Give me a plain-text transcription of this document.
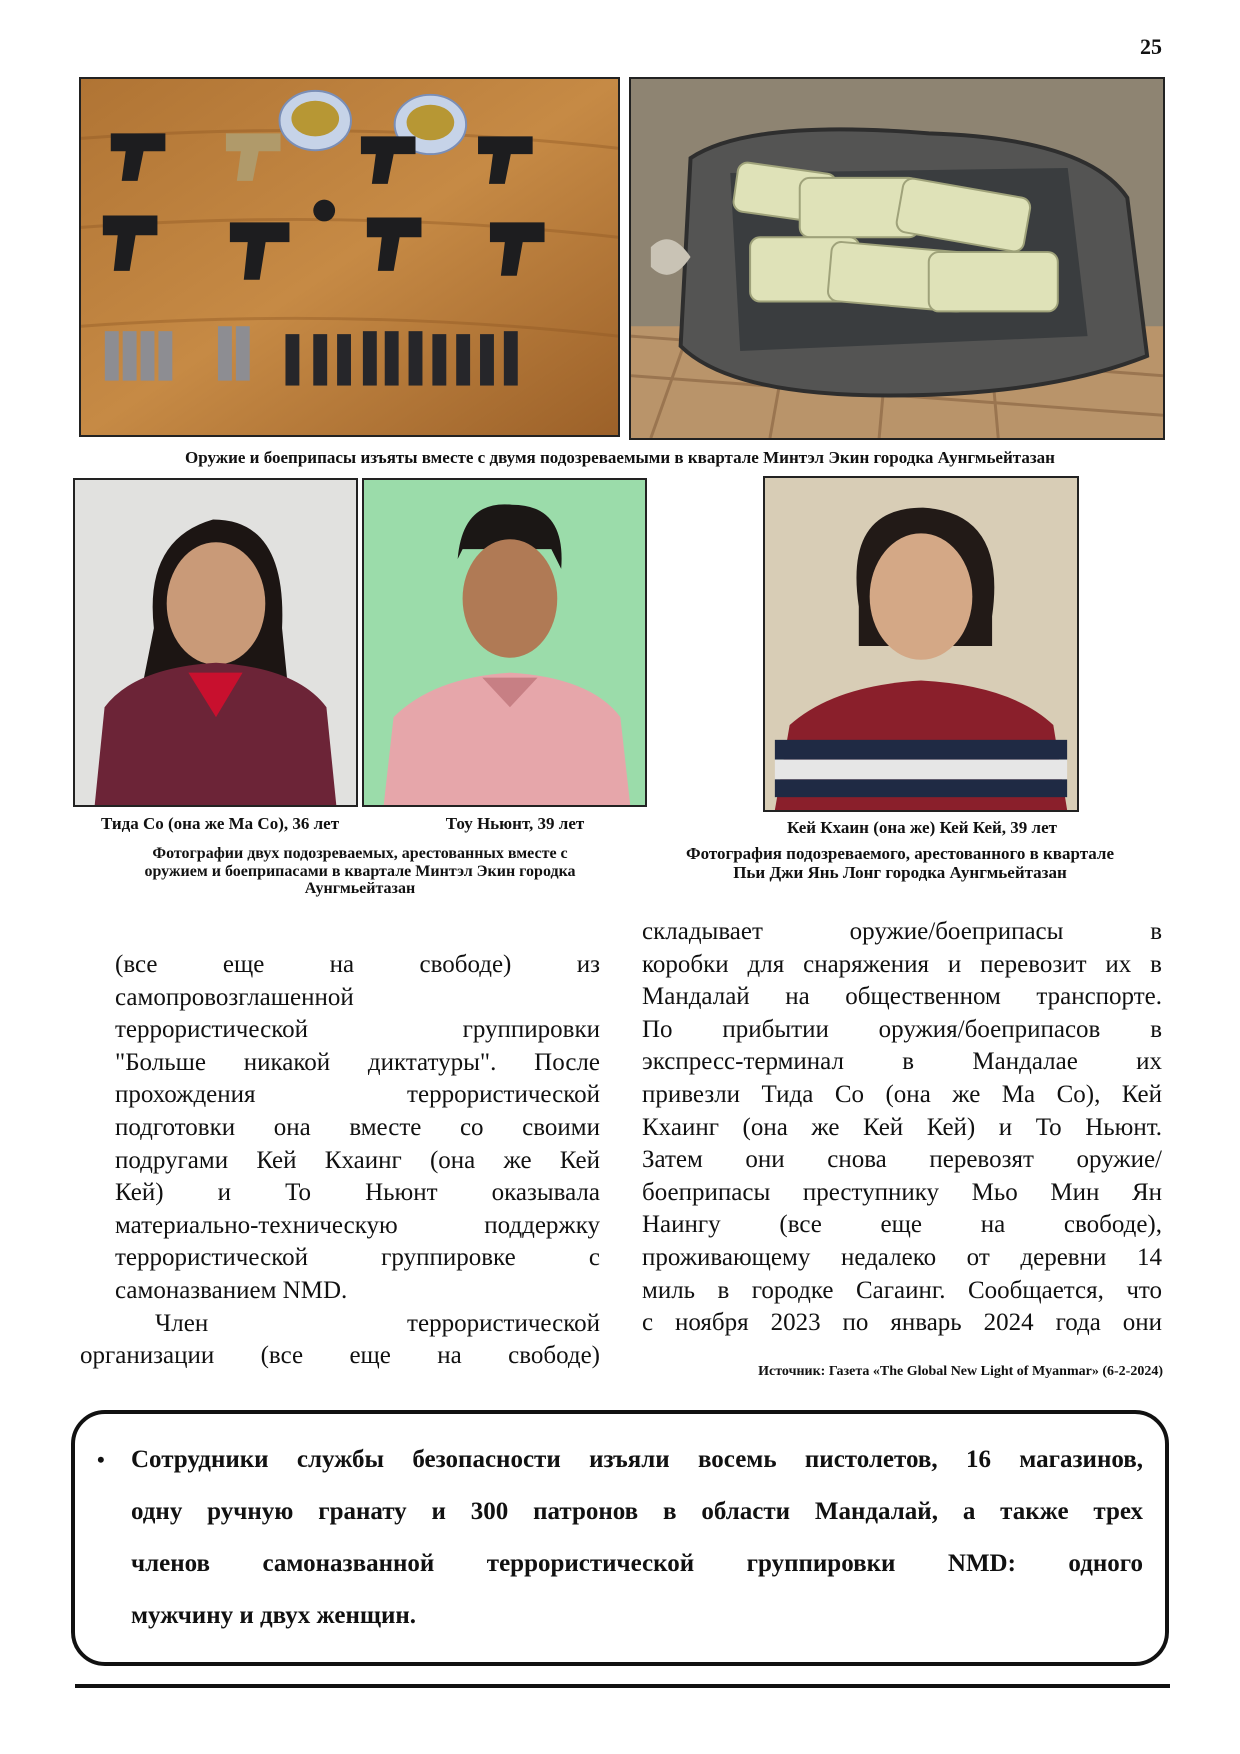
25
Оружие и боеприпасы изъяты вместе с двумя подозреваемыми в квартале Минтэл Экин городка Аунгмьейтазан
Тида Со (она же Ма Со), 36 лет	Тоу Ньюнт, 39 лет	Кей Кхаин (она же) Кей Кей, 39 лет
Фотографии двух подозреваемых, арестованных вместе с
оружием и боеприпасами в квартале Минтэл Экин городка
Аунгмьейтазан
Фотография подозреваемого, арестованного в квартале
Пьи Джи Янь Лонг городка Аунгмьейтазан
(все еще на свободе) из
самопровозглашенной
террористической группировки
"Больше никакой диктатуры". После
прохождения террористической
подготовки она вместе со своими
подругами Кей Кхаинг (она же Кей
Кей) и То Ньюнт оказывала
материально-техническую поддержку
террористической группировке с
самоназванием NMD.
Член террористической
организации (все еще на свободе)
складывает оружие/боеприпасы в
коробки для снаряжения и перевозит их в
Мандалай на общественном транспорте.
По прибытии оружия/боеприпасов в
экспресс-терминал в Мандалае их
привезли Тида Со (она же Ма Со), Кей
Кхаинг (она же Кей Кей) и То Ньюнт.
Затем они снова перевозят оружие/
боеприпасы преступнику Мьо Мин Ян
Наингу (все еще на свободе),
проживающему недалеко от деревни 14
миль в городке Сагаинг. Сообщается, что
с ноября 2023 по январь 2024 года они
Источник: Газета «The Global New Light of Myanmar» (6-2-2024)
• Сотрудники службы безопасности изъяли восемь пистолетов, 16 магазинов,
одну ручную гранату и 300 патронов в области Мандалай, а также трех
членов самоназванной террористической группировки NMD: одного
мужчину и двух женщин.
